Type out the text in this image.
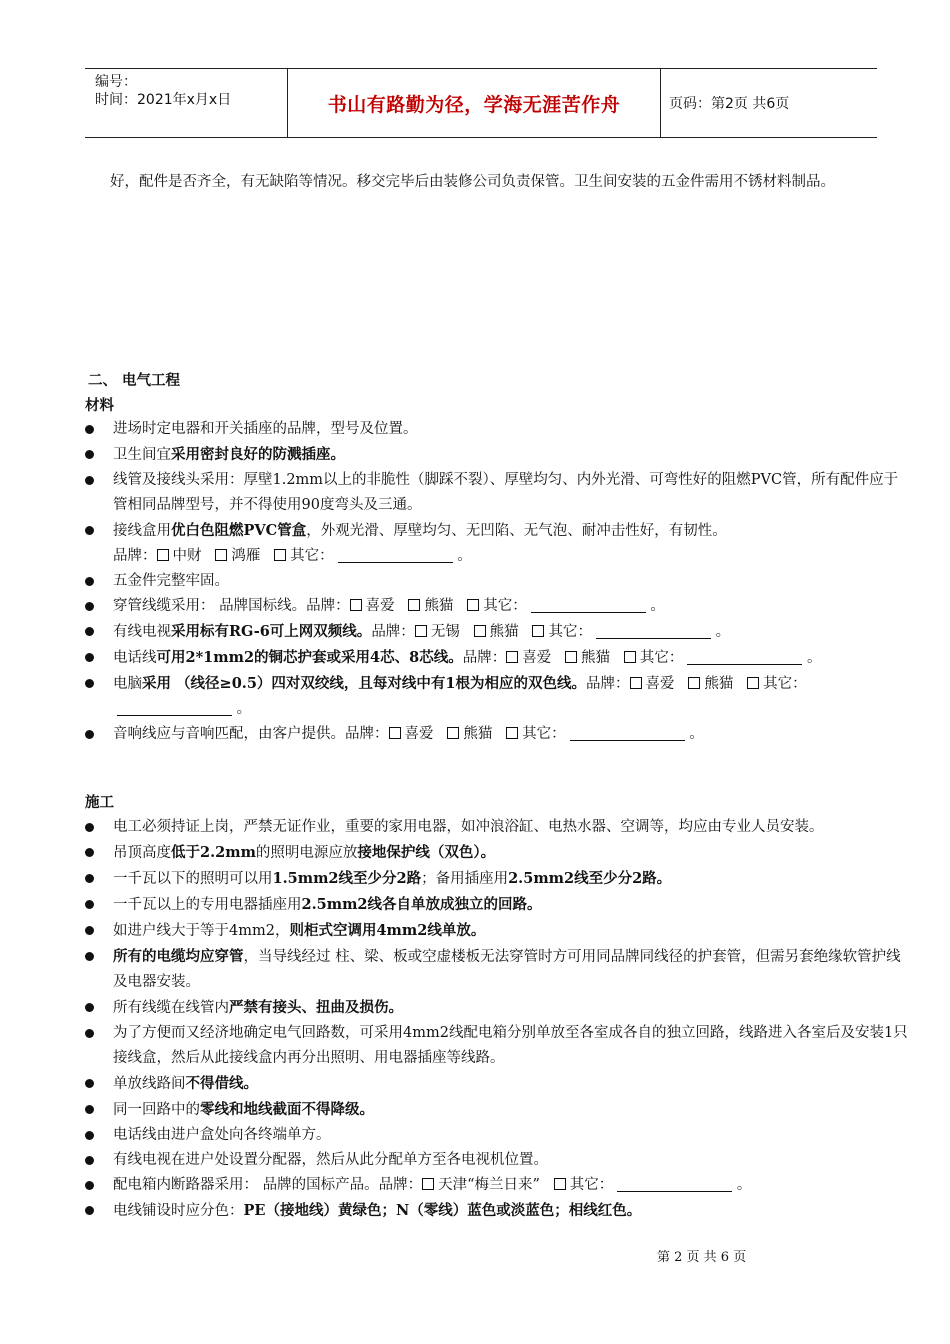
编号：
时间：2021年x月x日	书山有路勤为径，学海无涯苦作舟	页码：第2页 共6页
好，配件是否齐全，有无缺陷等情况。移交完毕后由装修公司负责保管。卫生间安装的五金件需用不锈材料制品。
二、 电气工程
材料
进场时定电器和开关插座的品牌，型号及位置。
卫生间宜采用密封良好的防溅插座。
线管及接线头采用：厚壁1.2mm以上的非脆性（脚踩不裂）、厚壁均匀、内外光滑、可弯性好的阻燃PVC管，所有配件应于管相同品牌型号，并不得使用90度弯头及三通。
接线盒用优白色阻燃PVC管盒，外观光滑、厚壁均匀、无凹陷、无气泡、耐冲击性好，有韧性。
品牌： 中财 鸿雁 其它：	。
五金件完整牢固。
穿管线缆采用： 品牌国标线。品牌： 喜爱 熊猫 其它：	。
有线电视采用标有RG-6可上网双频线。品牌： 无锡 熊猫 其它：	。
电话线可用2*1mm2的铜芯护套或采用4芯、8芯线。品牌： 喜爱 熊猫 其它：	。
电脑采用 （线径≥0.5）四对双绞线，且每对线中有1根为相应的双色线。品牌： 喜爱 熊猫 其它： 。
音响线应与音响匹配，由客户提供。品牌： 喜爱 熊猫 其它：	。
施工
电工必须持证上岗，严禁无证作业，重要的家用电器，如冲浪浴缸、电热水器、空调等，均应由专业人员安装。
吊顶高度低于2.2mm的照明电源应放接地保护线（双色）。
一千瓦以下的照明可以用1.5mm2线至少分2路；备用插座用2.5mm2线至少分2路。
一千瓦以上的专用电器插座用2.5mm2线各自单放成独立的回路。
如进户线大于等于4mm2，则柜式空调用4mm2线单放。
所有的电缆均应穿管，当导线经过 柱、梁、板或空虚楼板无法穿管时方可用同品牌同线径的护套管，但需另套绝缘软管护线及电器安装。
所有线缆在线管内严禁有接头、扭曲及损伤。
为了方便而又经济地确定电气回路数，可采用4mm2线配电箱分别单放至各室成各自的独立回路，线路进入各室后及安装1只接线盒，然后从此接线盒内再分出照明、用电器插座等线路。
单放线路间不得借线。
同一回路中的零线和地线截面不得降级。
电话线由进户盒处向各终端单方。
有线电视在进户处设置分配器，然后从此分配单方至各电视机位置。
配电箱内断路器采用： 品牌的国标产品。品牌： 天津“梅兰日来” 其它：	。
电线铺设时应分色：PE（接地线）黄绿色；N（零线）蓝色或淡蓝色；相线红色。
第 2 页 共 6 页
